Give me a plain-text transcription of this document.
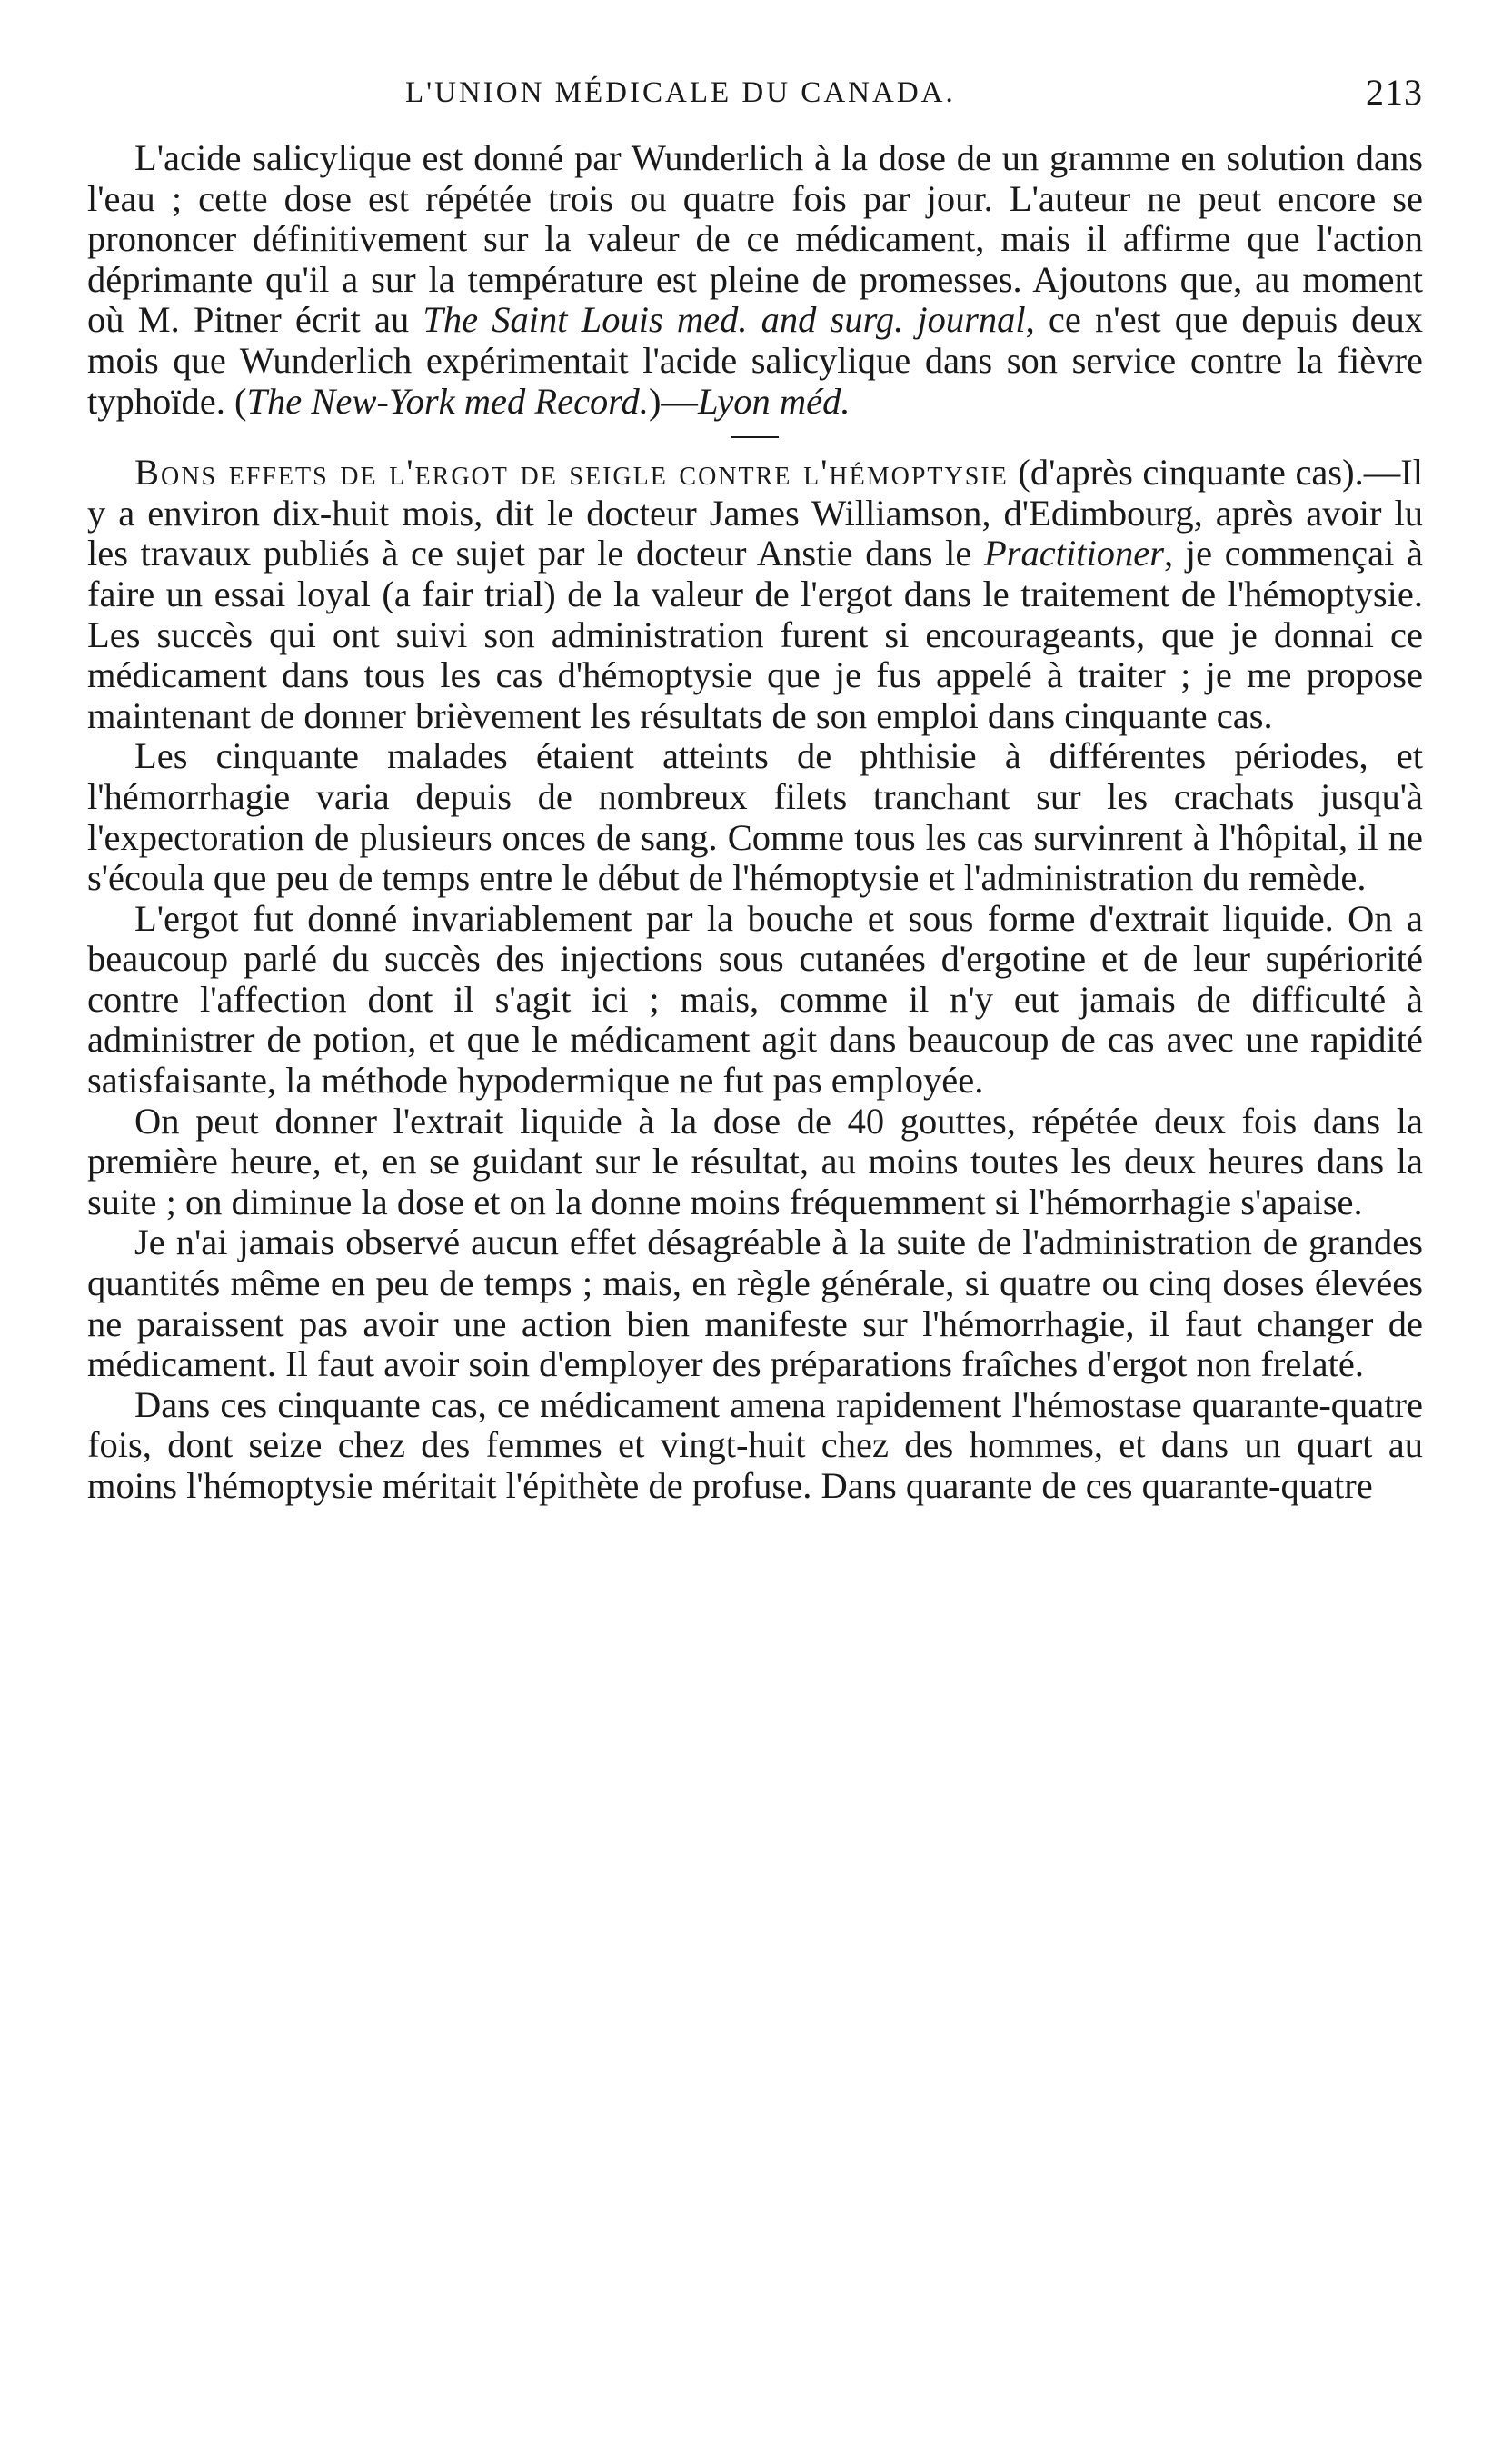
L'UNION MÉDICALE DU CANADA.	213

L'acide salicylique est donné par Wunderlich à la dose de un gramme en solution dans l'eau ; cette dose est répétée trois ou quatre fois par jour. L'auteur ne peut encore se prononcer définitivement sur la valeur de ce médicament, mais il affirme que l'action déprimante qu'il a sur la température est pleine de promesses. Ajoutons que, au moment où M. Pitner écrit au The Saint Louis med. and surg. journal, ce n'est que depuis deux mois que Wunderlich expérimentait l'acide salicylique dans son service contre la fièvre typhoïde. (The New-York med Record.)—Lyon méd.

Bons effets de l'ergot de seigle contre l'hémoptysie (d'après cinquante cas).—Il y a environ dix-huit mois, dit le docteur James Williamson, d'Edimbourg, après avoir lu les travaux publiés à ce sujet par le docteur Anstie dans le Practitioner, je commençai à faire un essai loyal (a fair trial) de la valeur de l'ergot dans le traitement de l'hémoptysie. Les succès qui ont suivi son administration furent si encourageants, que je donnai ce médicament dans tous les cas d'hémoptysie que je fus appelé à traiter ; je me propose maintenant de donner brièvement les résultats de son emploi dans cinquante cas.

Les cinquante malades étaient atteints de phthisie à différentes périodes, et l'hémorrhagie varia depuis de nombreux filets tranchant sur les crachats jusqu'à l'expectoration de plusieurs onces de sang. Comme tous les cas survinrent à l'hôpital, il ne s'écoula que peu de temps entre le début de l'hémoptysie et l'administration du remède.

L'ergot fut donné invariablement par la bouche et sous forme d'extrait liquide. On a beaucoup parlé du succès des injections sous cutanées d'ergotine et de leur supériorité contre l'affection dont il s'agit ici ; mais, comme il n'y eut jamais de difficulté à administrer de potion, et que le médicament agit dans beaucoup de cas avec une rapidité satisfaisante, la méthode hypodermique ne fut pas employée.

On peut donner l'extrait liquide à la dose de 40 gouttes, répétée deux fois dans la première heure, et, en se guidant sur le résultat, au moins toutes les deux heures dans la suite ; on diminue la dose et on la donne moins fréquemment si l'hémorrhagie s'apaise.

Je n'ai jamais observé aucun effet désagréable à la suite de l'administration de grandes quantités même en peu de temps ; mais, en règle générale, si quatre ou cinq doses élevées ne paraissent pas avoir une action bien manifeste sur l'hémorrhagie, il faut changer de médicament. Il faut avoir soin d'employer des préparations fraîches d'ergot non frelaté.

Dans ces cinquante cas, ce médicament amena rapidement l'hémostase quarante-quatre fois, dont seize chez des femmes et vingt-huit chez des hommes, et dans un quart au moins l'hémoptysie méritait l'épithète de profuse. Dans quarante de ces quarante-quatre
